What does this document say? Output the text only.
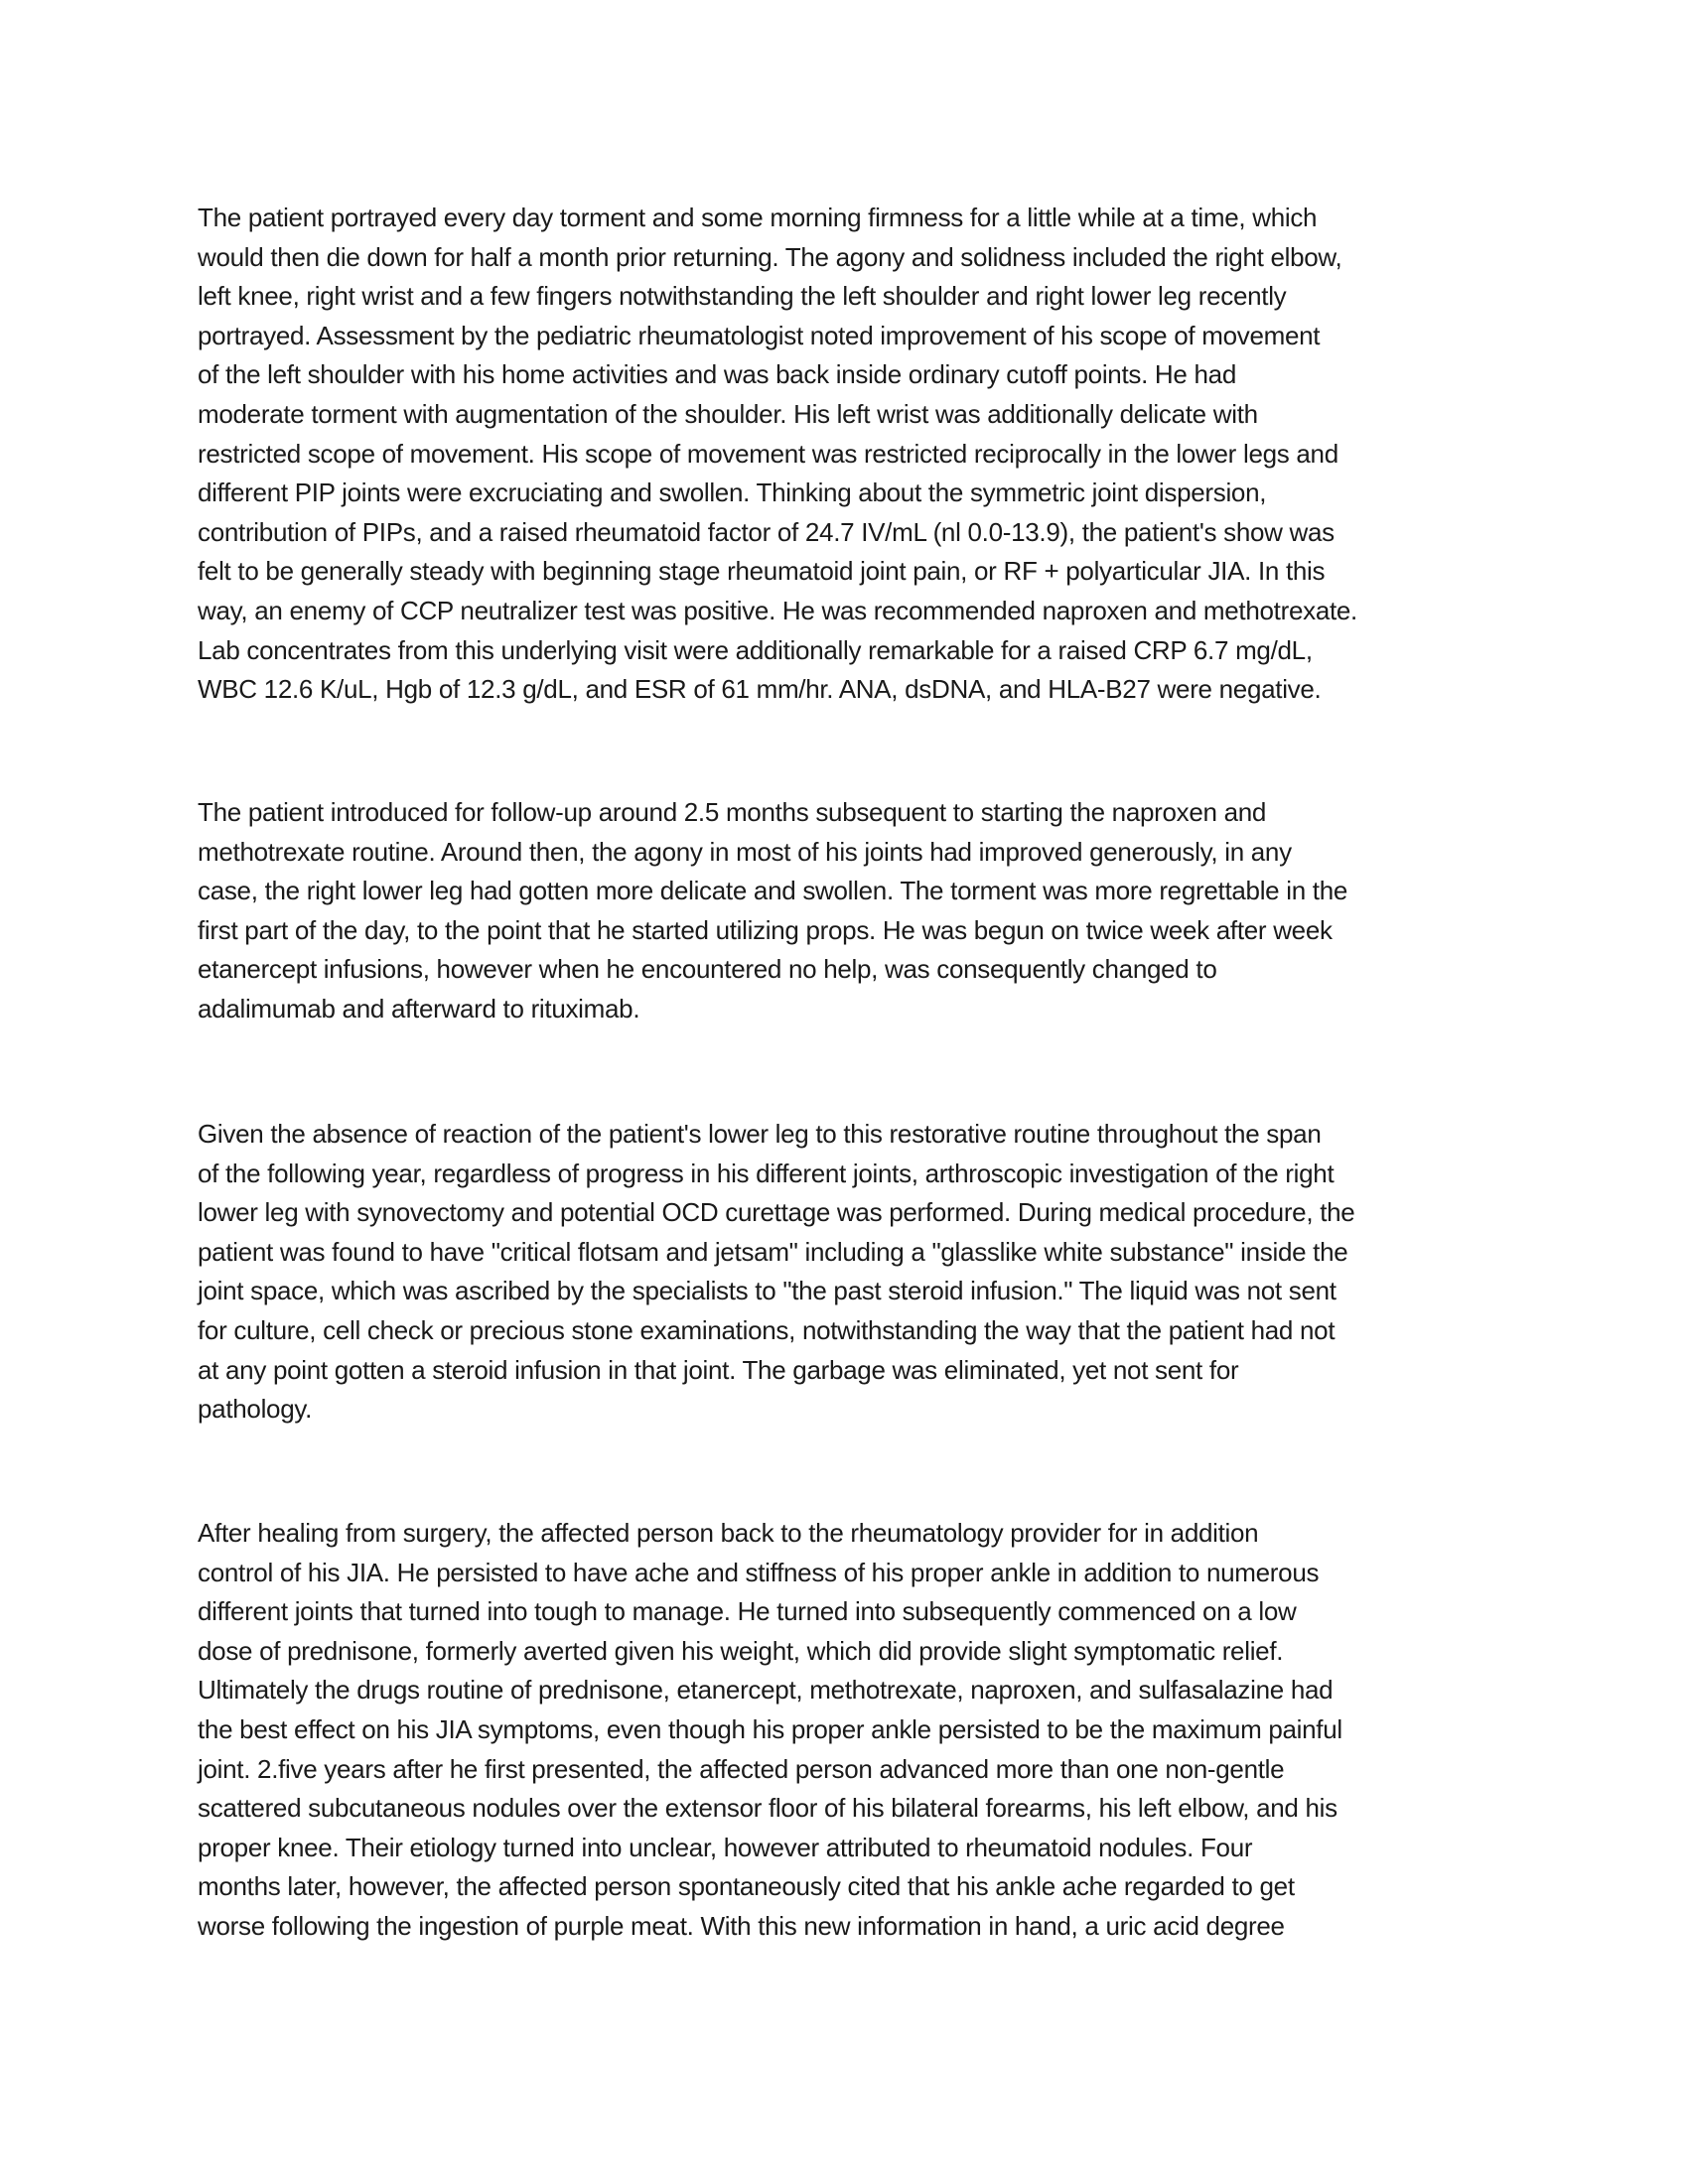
The patient portrayed every day torment and some morning firmness for a little while at a time, which
would then die down for half a month prior returning. The agony and solidness included the right elbow,
left knee, right wrist and a few fingers notwithstanding the left shoulder and right lower leg recently
portrayed. Assessment by the pediatric rheumatologist noted improvement of his scope of movement
of the left shoulder with his home activities and was back inside ordinary cutoff points. He had
moderate torment with augmentation of the shoulder. His left wrist was additionally delicate with
restricted scope of movement. His scope of movement was restricted reciprocally in the lower legs and
different PIP joints were excruciating and swollen. Thinking about the symmetric joint dispersion,
contribution of PIPs, and a raised rheumatoid factor of 24.7 IV/mL (nl 0.0-13.9), the patient's show was
felt to be generally steady with beginning stage rheumatoid joint pain, or RF + polyarticular JIA. In this
way, an enemy of CCP neutralizer test was positive. He was recommended naproxen and methotrexate.
Lab concentrates from this underlying visit were additionally remarkable for a raised CRP 6.7 mg/dL,
WBC 12.6 K/uL, Hgb of 12.3 g/dL, and ESR of 61 mm/hr. ANA, dsDNA, and HLA-B27 were negative.
The patient introduced for follow-up around 2.5 months subsequent to starting the naproxen and
methotrexate routine. Around then, the agony in most of his joints had improved generously, in any
case, the right lower leg had gotten more delicate and swollen. The torment was more regrettable in the
first part of the day, to the point that he started utilizing props. He was begun on twice week after week
etanercept infusions, however when he encountered no help, was consequently changed to
adalimumab and afterward to rituximab.
Given the absence of reaction of the patient's lower leg to this restorative routine throughout the span
of the following year, regardless of progress in his different joints, arthroscopic investigation of the right
lower leg with synovectomy and potential OCD curettage was performed. During medical procedure, the
patient was found to have "critical flotsam and jetsam" including a "glasslike white substance" inside the
joint space, which was ascribed by the specialists to "the past steroid infusion." The liquid was not sent
for culture, cell check or precious stone examinations, notwithstanding the way that the patient had not
at any point gotten a steroid infusion in that joint. The garbage was eliminated, yet not sent for
pathology.
After healing from surgery, the affected person back to the rheumatology provider for in addition
control of his JIA. He persisted to have ache and stiffness of his proper ankle in addition to numerous
different joints that turned into tough to manage. He turned into subsequently commenced on a low
dose of prednisone, formerly averted given his weight, which did provide slight symptomatic relief.
Ultimately the drugs routine of prednisone, etanercept, methotrexate, naproxen, and sulfasalazine had
the best effect on his JIA symptoms, even though his proper ankle persisted to be the maximum painful
joint. 2.five years after he first presented, the affected person advanced more than one non-gentle
scattered subcutaneous nodules over the extensor floor of his bilateral forearms, his left elbow, and his
proper knee. Their etiology turned into unclear, however attributed to rheumatoid nodules. Four
months later, however, the affected person spontaneously cited that his ankle ache regarded to get
worse following the ingestion of purple meat. With this new information in hand, a uric acid degree
